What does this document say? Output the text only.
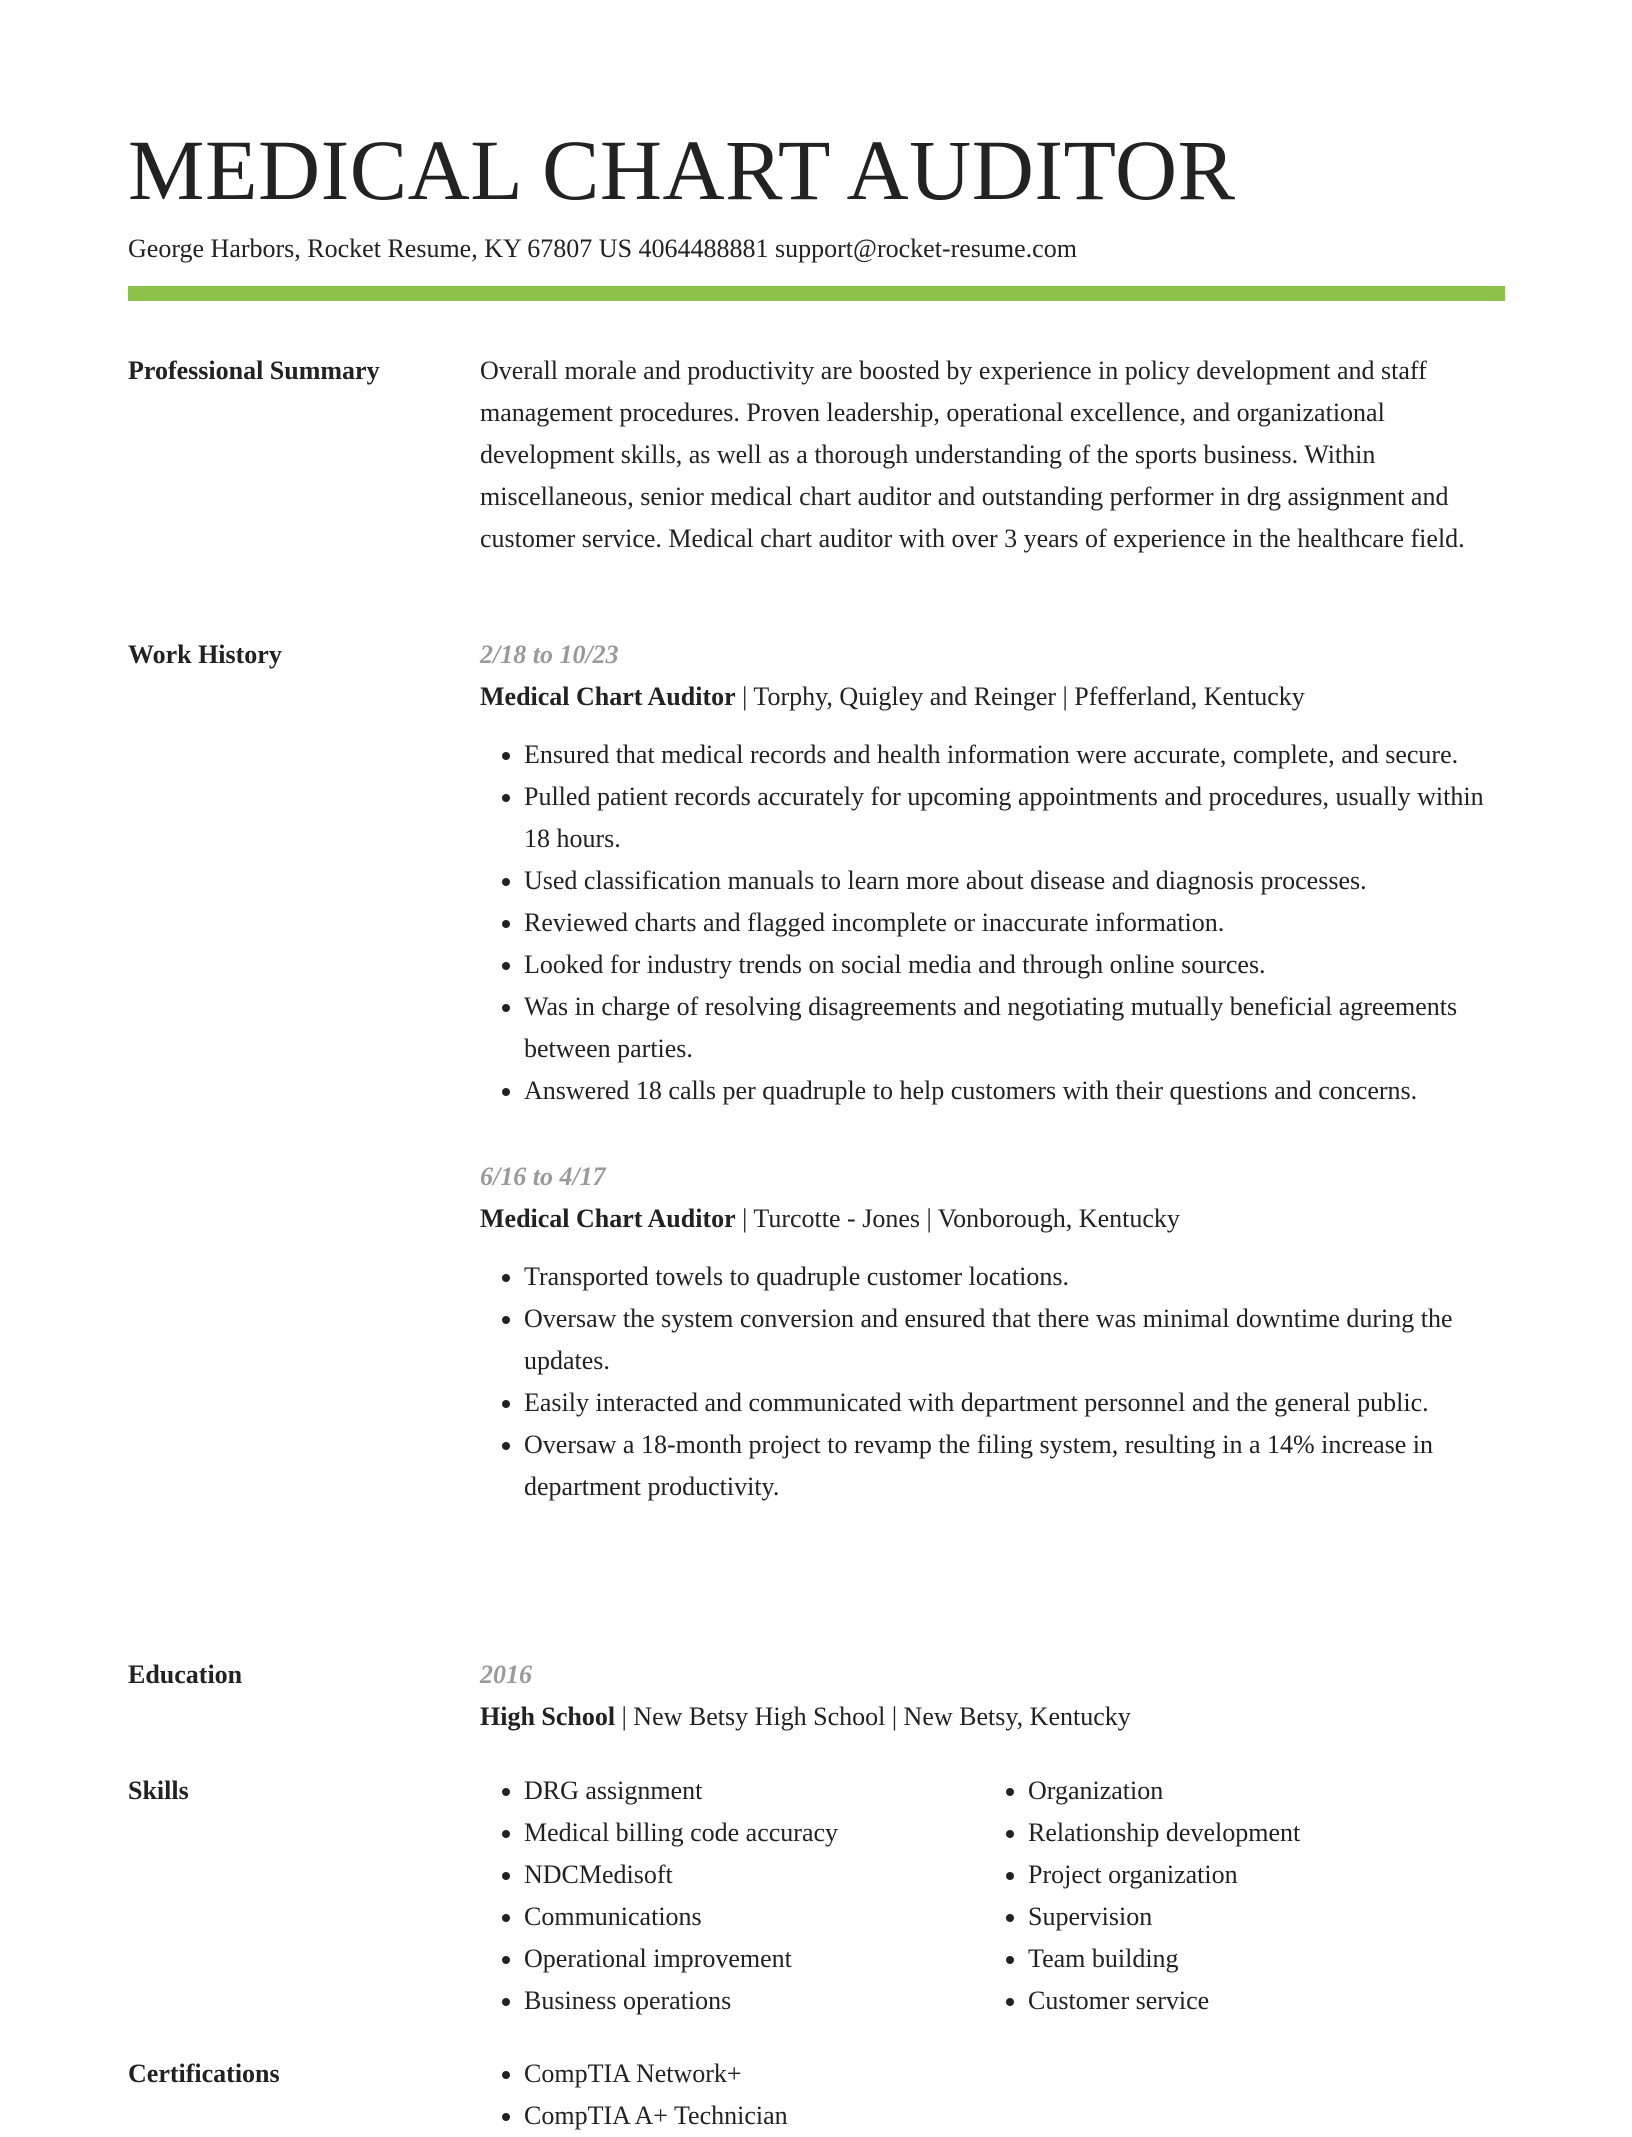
MEDICAL CHART AUDITOR
George Harbors, Rocket Resume, KY 67807 US 4064488881 support@rocket-resume.com
Professional Summary	Overall morale and productivity are boosted by experience in policy development and staff management procedures. Proven leadership, operational excellence, and organizational development skills, as well as a thorough understanding of the sports business. Within miscellaneous, senior medical chart auditor and outstanding performer in drg assignment and customer service. Medical chart auditor with over 3 years of experience in the healthcare field.

Work History	2/18 to 10/23
Medical Chart Auditor | Torphy, Quigley and Reinger | Pfefferland, Kentucky
• Ensured that medical records and health information were accurate, complete, and secure.
• Pulled patient records accurately for upcoming appointments and procedures, usually within 18 hours.
• Used classification manuals to learn more about disease and diagnosis processes.
• Reviewed charts and flagged incomplete or inaccurate information.
• Looked for industry trends on social media and through online sources.
• Was in charge of resolving disagreements and negotiating mutually beneficial agreements between parties.
• Answered 18 calls per quadruple to help customers with their questions and concerns.
6/16 to 4/17
Medical Chart Auditor | Turcotte - Jones | Vonborough, Kentucky
• Transported towels to quadruple customer locations.
• Oversaw the system conversion and ensured that there was minimal downtime during the updates.
• Easily interacted and communicated with department personnel and the general public.
• Oversaw a 18-month project to revamp the filing system, resulting in a 14% increase in department productivity.
Education	2016
High School | New Betsy High School | New Betsy, Kentucky
Skills	• DRG assignment
• Medical billing code accuracy
• NDCMedisoft
• Communications
• Operational improvement
• Business operations
• Organization
• Relationship development
• Project organization
• Supervision
• Team building
• Customer service
Certifications	• CompTIA Network+
• CompTIA A+ Technician
